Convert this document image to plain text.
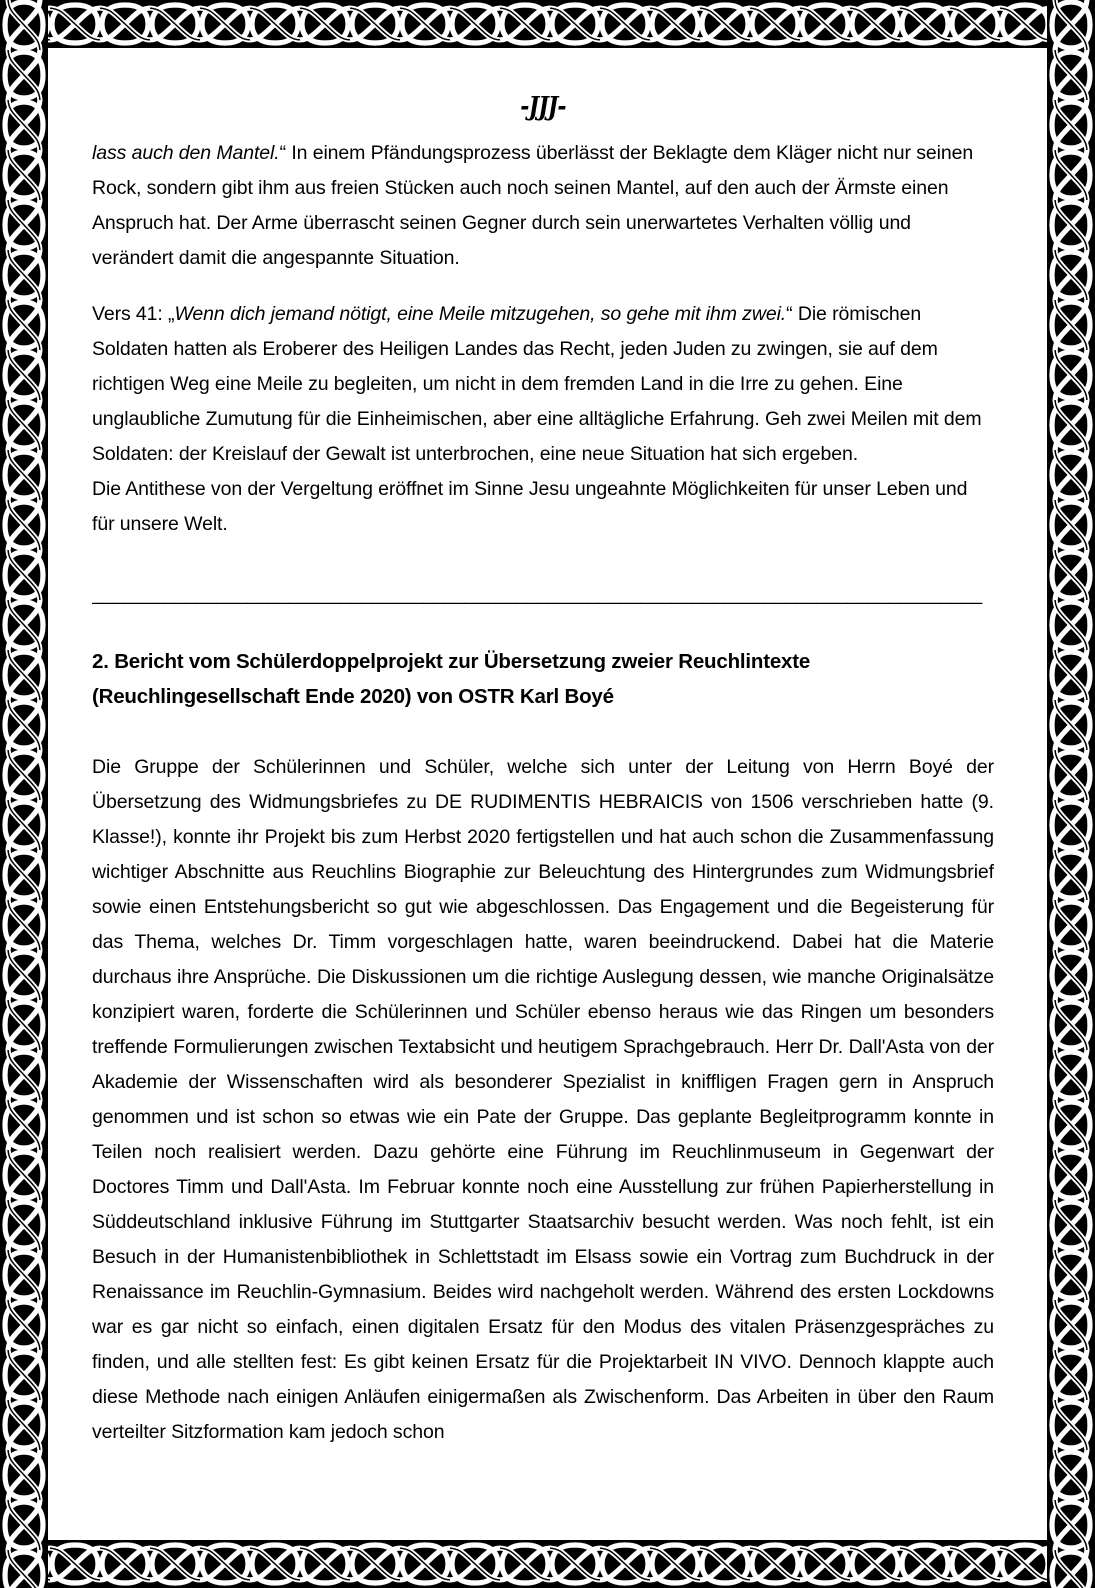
-JJJ-

lass auch den Mantel.“ In einem Pfändungsprozess überlässt der Beklagte dem Kläger nicht nur seinen Rock, sondern gibt ihm aus freien Stücken auch noch seinen Mantel, auf den auch der Ärmste einen Anspruch hat. Der Arme überrascht seinen Gegner durch sein unerwartetes Verhalten völlig und verändert damit die angespannte Situation.

Vers 41: „Wenn dich jemand nötigt, eine Meile mitzugehen, so gehe mit ihm zwei.“ Die römischen Soldaten hatten als Eroberer des Heiligen Landes das Recht, jeden Juden zu zwingen, sie auf dem richtigen Weg eine Meile zu begleiten, um nicht in dem fremden Land in die Irre zu gehen. Eine unglaubliche Zumutung für die Einheimischen, aber eine alltägliche Erfahrung. Geh zwei Meilen mit dem Soldaten: der Kreislauf der Gewalt ist unterbrochen, eine neue Situation hat sich ergeben.
Die Antithese von der Vergeltung eröffnet im Sinne Jesu ungeahnte Möglichkeiten für unser Leben und für unsere Welt.

______________________________________________________________________________________
2. Bericht vom Schülerdoppelprojekt zur Übersetzung zweier Reuchlintexte
(Reuchlingesellschaft Ende 2020) von OSTR Karl Boyé

Die Gruppe der Schülerinnen und Schüler, welche sich unter der Leitung von Herrn Boyé der Übersetzung des Widmungsbriefes zu DE RUDIMENTIS HEBRAICIS von 1506 verschrieben hatte (9. Klasse!), konnte ihr Projekt bis zum Herbst 2020 fertigstellen und hat auch schon die Zusammenfassung wichtiger Abschnitte aus Reuchlins Biographie zur Beleuchtung des Hintergrundes zum Widmungsbrief sowie einen Entstehungsbericht so gut wie abgeschlossen. Das Engagement und die Begeisterung für das Thema, welches Dr. Timm vorgeschlagen hatte, waren beeindruckend. Dabei hat die Materie durchaus ihre Ansprüche. Die Diskussionen um die richtige Auslegung dessen, wie manche Originalsätze konzipiert waren, forderte die Schülerinnen und Schüler ebenso heraus wie das Ringen um besonders treffende Formulierungen zwischen Textabsicht und heutigem Sprachgebrauch. Herr Dr. Dall'Asta von der Akademie der Wissenschaften wird als besonderer Spezialist in kniffligen Fragen gern in Anspruch genommen und ist schon so etwas wie ein Pate der Gruppe. Das geplante Begleitprogramm konnte in Teilen noch realisiert werden. Dazu gehörte eine Führung im Reuchlinmuseum in Gegenwart der Doctores Timm und Dall'Asta. Im Februar konnte noch eine Ausstellung zur frühen Papierherstellung in Süddeutschland inklusive Führung im Stuttgarter Staatsarchiv besucht werden. Was noch fehlt, ist ein Besuch in der Humanistenbibliothek in Schlettstadt im Elsass sowie ein Vortrag zum Buchdruck in der Renaissance im Reuchlin-Gymnasium. Beides wird nachgeholt werden. Während des ersten Lockdowns war es gar nicht so einfach, einen digitalen Ersatz für den Modus des vitalen Präsenzgespräches zu finden, und alle stellten fest: Es gibt keinen Ersatz für die Projektarbeit IN VIVO. Dennoch klappte auch diese Methode nach einigen Anläufen einigermaßen als Zwischenform. Das Arbeiten in über den Raum verteilter Sitzformation kam jedoch schon
